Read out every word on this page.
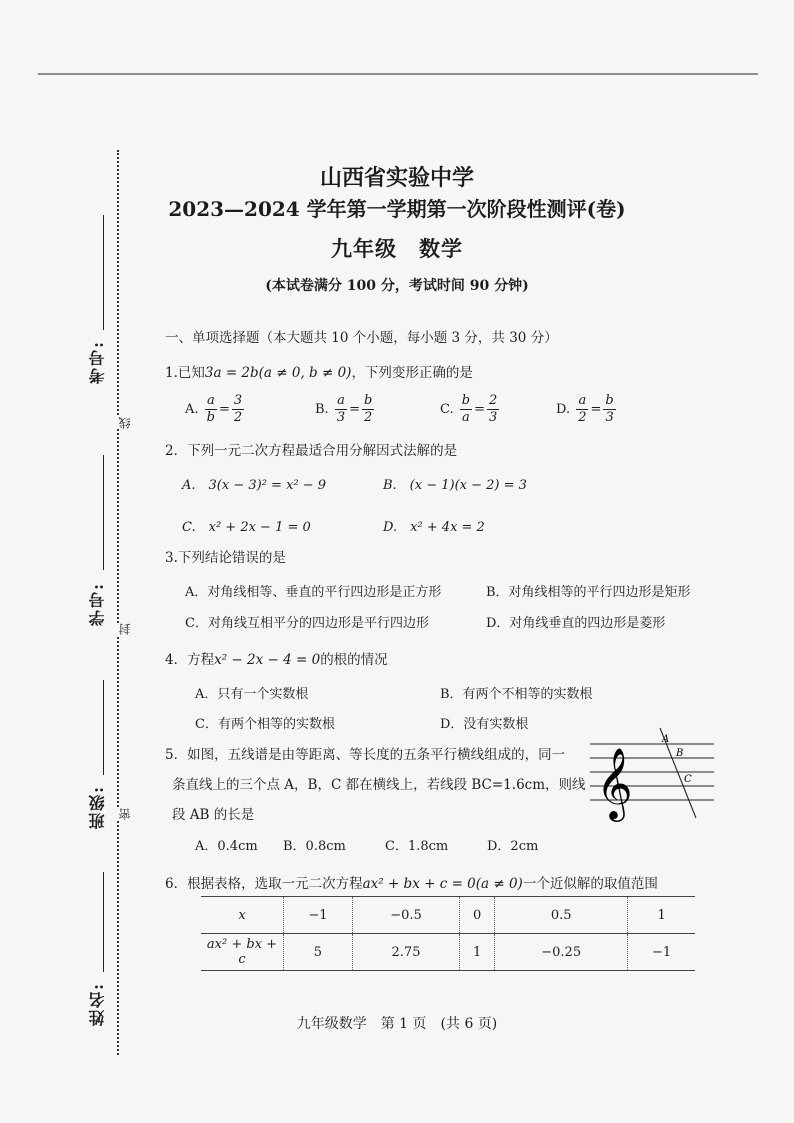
考号:
线
学号:
封
班级: 密
姓名:
山西省实验中学
2023—2024 学年第一学期第一次阶段性测评(卷)
九年级　数学
(本试卷满分 100 分，考试时间 90 分钟)
一、单项选择题（本大题共 10 个小题，每小题 3 分，共 30 分）
1.已知3a = 2b(a ≠ 0, b ≠ 0)，下列变形正确的是
A. $\frac{a}{b} = \frac{3}{2}$	B. $\frac{a}{3} = \frac{b}{2}$	C. $\frac{b}{a} = \frac{2}{3}$	D. $\frac{a}{2} = \frac{b}{3}$
2．下列一元二次方程最适合用分解因式法解的是
A.　3(x − 3)² = x² − 9	B.　(x − 1)(x − 2) = 3
C.　x² + 2x − 1 = 0	D.　x² + 4x = 2
3.下列结论错误的是
A．对角线相等、垂直的平行四边形是正方形	B．对角线相等的平行四边形是矩形
C．对角线互相平分的四边形是平行四边形	D．对角线垂直的四边形是菱形
4．方程x² − 2x − 4 = 0的根的情况
A．只有一个实数根	B．有两个不相等的实数根
C．有两个相等的实数根	D．没有实数根
5．如图，五线谱是由等距离、等长度的五条平行横线组成的，同一
条直线上的三个点 A，B，C 都在横线上，若线段 BC=1.6cm，则线
段 AB 的长是
A．0.4cm B．0.8cm	C．1.8cm	D．2cm
𝄞
A
B
C
6．根据表格，选取一元二次方程ax² + bx + c = 0(a ≠ 0)一个近似解的取值范围
x	−1	−0.5	0	0.5	1
ax² + bx + c	5	2.75	1	−0.25	−1
九年级数学　第 1 页　(共 6 页)
